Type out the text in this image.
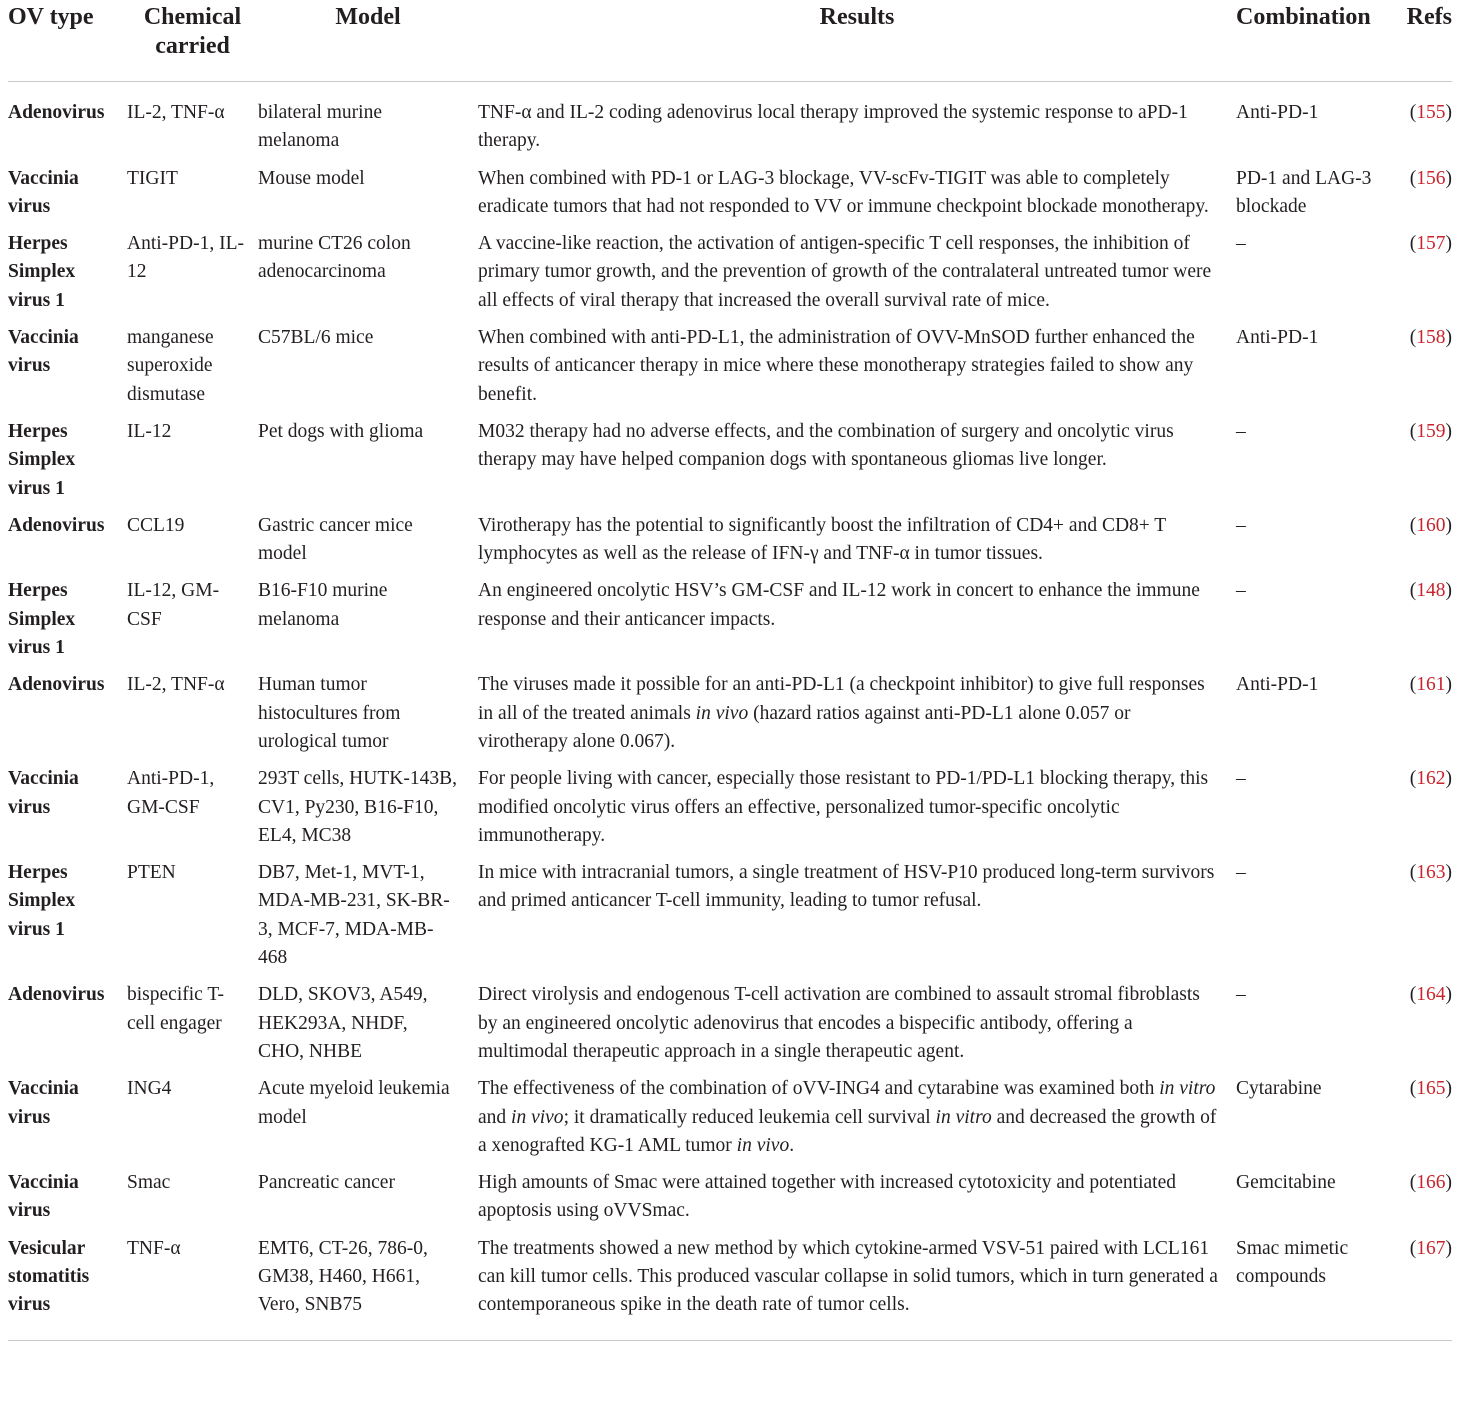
OV type	Chemical carried	Model	Results	Combination	Refs
Adenovirus	IL-2, TNF-α	bilateral murine melanoma	TNF-α and IL-2 coding adenovirus local therapy improved the systemic response to aPD-1 therapy.	Anti-PD-1	(155)
Vaccinia virus	TIGIT	Mouse model	When combined with PD-1 or LAG-3 blockage, VV-scFv-TIGIT was able to completely eradicate tumors that had not responded to VV or immune checkpoint blockade monotherapy.	PD-1 and LAG-3 blockade	(156)
Herpes Simplex virus 1	Anti-PD-1, IL-12	murine CT26 colon adenocarcinoma	A vaccine-like reaction, the activation of antigen-specific T cell responses, the inhibition of primary tumor growth, and the prevention of growth of the contralateral untreated tumor were all effects of viral therapy that increased the overall survival rate of mice.	–	(157)
Vaccinia virus	manganese superoxide dismutase	C57BL/6 mice	When combined with anti-PD-L1, the administration of OVV-MnSOD further enhanced the results of anticancer therapy in mice where these monotherapy strategies failed to show any benefit.	Anti-PD-1	(158)
Herpes Simplex virus 1	IL-12	Pet dogs with glioma	M032 therapy had no adverse effects, and the combination of surgery and oncolytic virus therapy may have helped companion dogs with spontaneous gliomas live longer.	–	(159)
Adenovirus	CCL19	Gastric cancer mice model	Virotherapy has the potential to significantly boost the infiltration of CD4+ and CD8+ T lymphocytes as well as the release of IFN-γ and TNF-α in tumor tissues.	–	(160)
Herpes Simplex virus 1	IL-12, GM-CSF	B16-F10 murine melanoma	An engineered oncolytic HSV’s GM-CSF and IL-12 work in concert to enhance the immune response and their anticancer impacts.	–	(148)
Adenovirus	IL-2, TNF-α	Human tumor histocultures from urological tumor	The viruses made it possible for an anti-PD-L1 (a checkpoint inhibitor) to give full responses in all of the treated animals in vivo (hazard ratios against anti-PD-L1 alone 0.057 or virotherapy alone 0.067).	Anti-PD-1	(161)
Vaccinia virus	Anti-PD-1, GM-CSF	293T cells, HUTK-143B, CV1, Py230, B16-F10, EL4, MC38	For people living with cancer, especially those resistant to PD-1/PD-L1 blocking therapy, this modified oncolytic virus offers an effective, personalized tumor-specific oncolytic immunotherapy.	–	(162)
Herpes Simplex virus 1	PTEN	DB7, Met-1, MVT-1, MDA-MB-231, SK-BR-3, MCF-7, MDA-MB-468	In mice with intracranial tumors, a single treatment of HSV-P10 produced long-term survivors and primed anticancer T-cell immunity, leading to tumor refusal.	–	(163)
Adenovirus	bispecific T-cell engager	DLD, SKOV3, A549, HEK293A, NHDF, CHO, NHBE	Direct virolysis and endogenous T-cell activation are combined to assault stromal fibroblasts by an engineered oncolytic adenovirus that encodes a bispecific antibody, offering a multimodal therapeutic approach in a single therapeutic agent.	–	(164)
Vaccinia virus	ING4	Acute myeloid leukemia model	The effectiveness of the combination of oVV-ING4 and cytarabine was examined both in vitro and in vivo; it dramatically reduced leukemia cell survival in vitro and decreased the growth of a xenografted KG-1 AML tumor in vivo.	Cytarabine	(165)
Vaccinia virus	Smac	Pancreatic cancer	High amounts of Smac were attained together with increased cytotoxicity and potentiated apoptosis using oVVSmac.	Gemcitabine	(166)
Vesicular stomatitis virus	TNF-α	EMT6, CT-26, 786-0, GM38, H460, H661, Vero, SNB75	The treatments showed a new method by which cytokine-armed VSV-51 paired with LCL161 can kill tumor cells. This produced vascular collapse in solid tumors, which in turn generated a contemporaneous spike in the death rate of tumor cells.	Smac mimetic compounds	(167)
